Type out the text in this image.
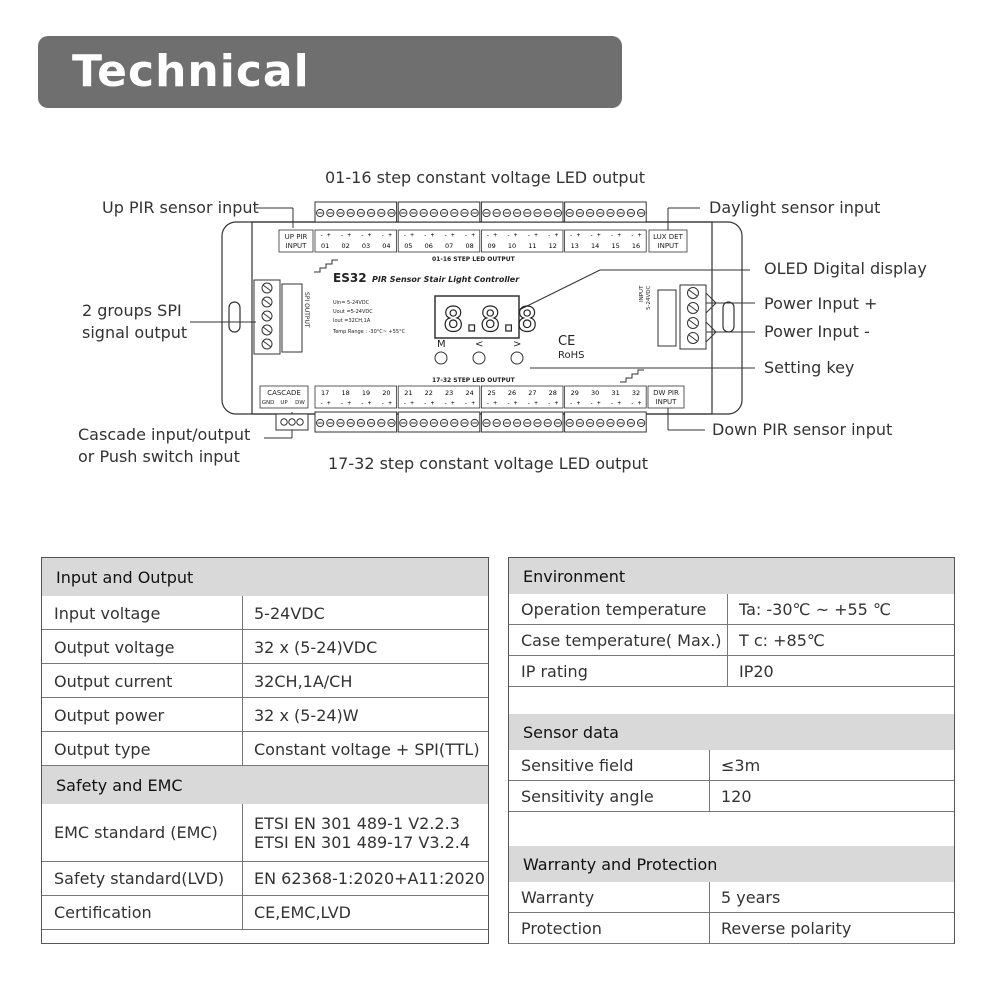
Technical Parameters
01
- +
02
- +
03
- +
04
- +
05
- +
06
- +
07
- +
08
- +
09
- +
10
- +
11
- +
12
- +
13
- +
14
- +
15
- +
16
- +
17
- +
18
- +
19
- +
20
- +
21
- +
22
- +
23
- +
24
- +
25
- +
26
- +
27
- +
28
- +
29
- +
30
- +
31
- +
32
- +
ES32 PIR Sensor Stair Light Controller
Uin= 5-24VDC
Uout =5-24VDC
Iout =32CH,1A
Temp Range : -30°C~ +55°C 8.8.8
M	<	>	CE
RoHS
01-16 STEP LED OUTPUT
17-32 STEP LED OUTPUT
INPUT 5-24VDC
SPI OUTPUT
UP PIR
INPUT
LUX DET
INPUT
DW PIR
INPUT
CASCADE
GND UP DW
01-16 step constant voltage LED output
17-32 step constant voltage LED output
Up PIR sensor input
2 groups SPI
signal output
Cascade input/output
or Push switch input
Daylight sensor input
OLED Digital display
Power Input +
Power Input -
Setting key
Down PIR sensor input
Input and Output
Input voltage	5-24VDC
Output voltage	32 x (5-24)VDC
Output current	32CH,1A/CH
Output power	32 x (5-24)W
Output type	Constant voltage + SPI(TTL)
Safety and EMC
EMC standard (EMC) ETSI EN 301 489-1 V2.2.3
ETSI EN 301 489-17 V3.2.4
Safety standard(LVD)	EN 62368-1:2020+A11:2020
Certification	CE,EMC,LVD
Environment
Operation temperature	Ta: -30℃ ~ +55 ℃
Case temperature( Max.)	T c: +85℃
IP rating	IP20
Sensor data
Sensitive field	≤3m
Sensitivity angle	120
Warranty and Protection
Warranty	5 years
Protection	Reverse polarity
